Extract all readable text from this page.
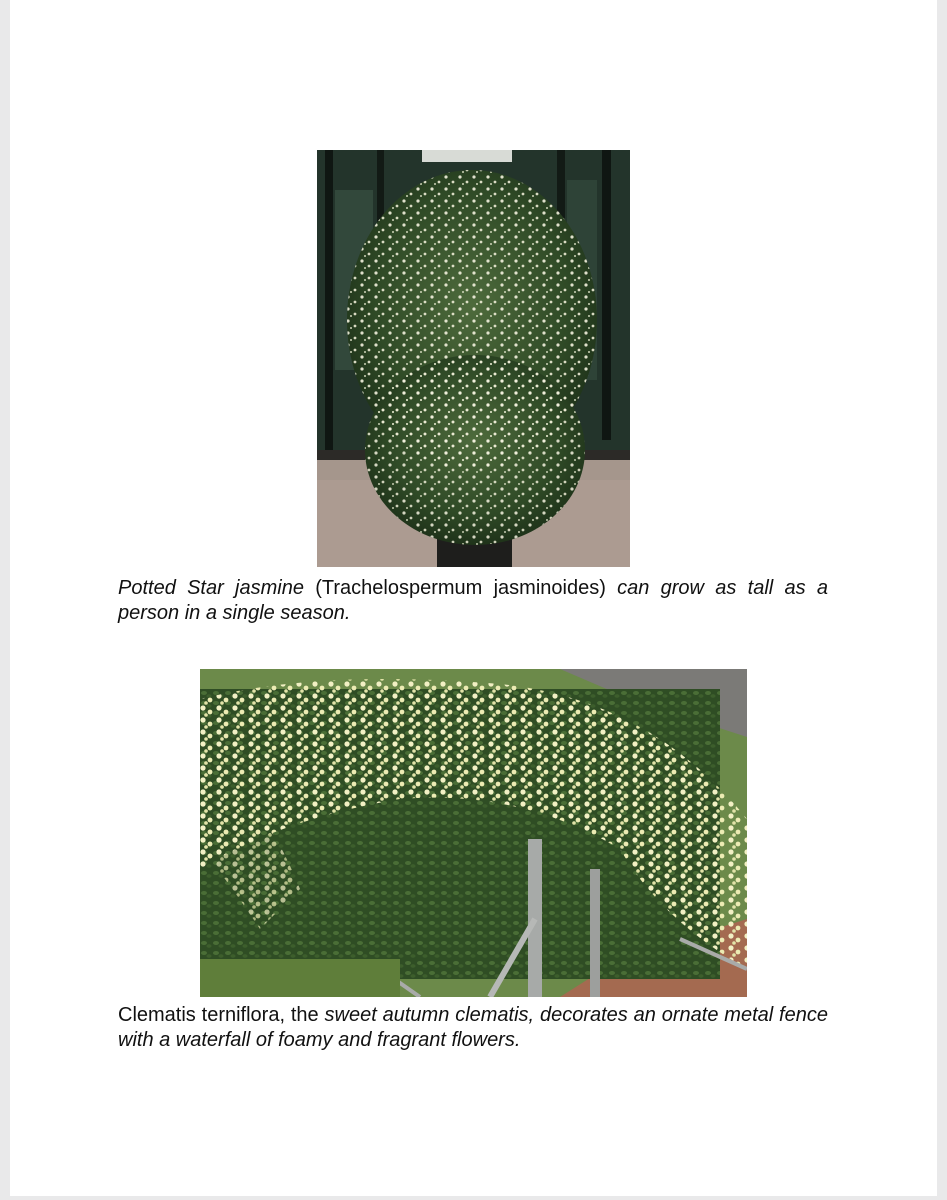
Potted Star jasmine (Trachelospermum jasminoides) can grow as tall as a person in a single season.

Clematis terniflora, the sweet autumn clematis, decorates an ornate metal fence with a waterfall of foamy and fragrant flowers.
